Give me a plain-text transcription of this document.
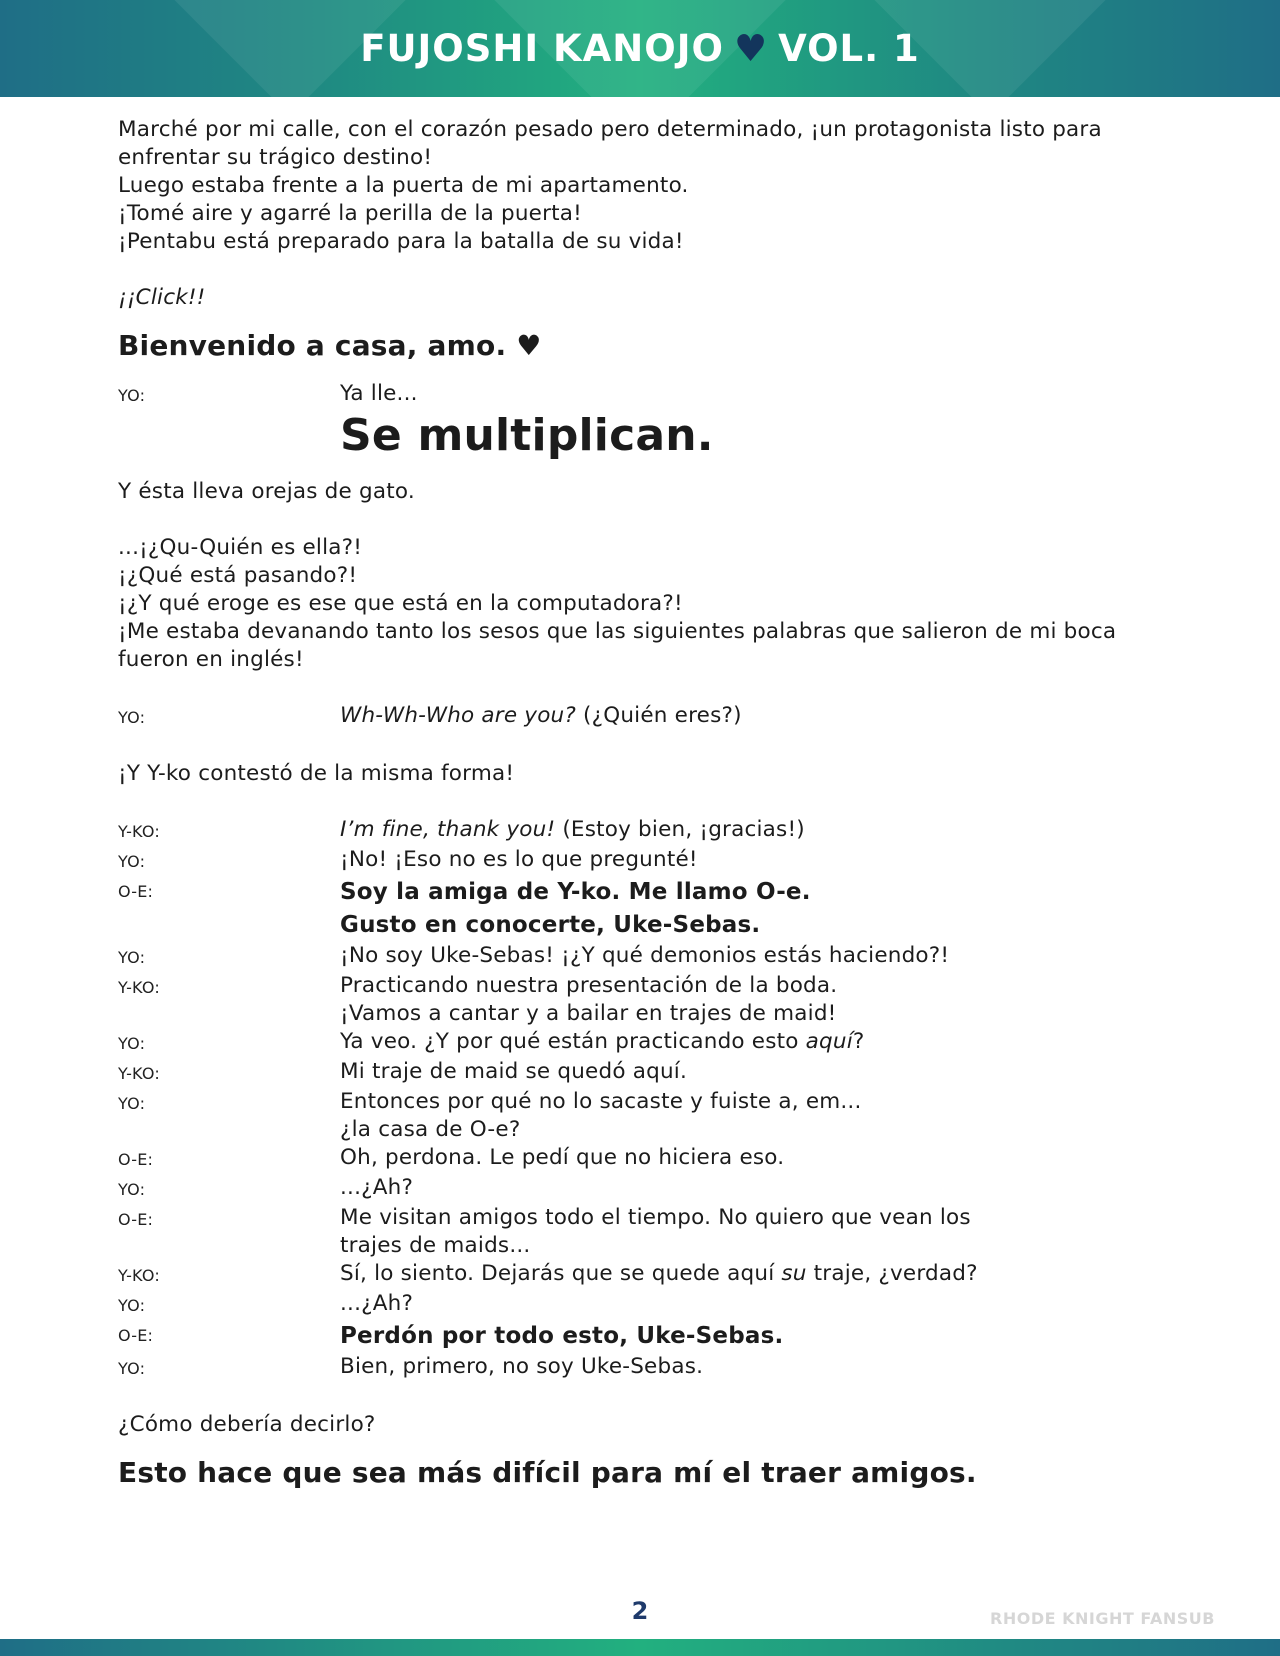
FUJOSHI KANOJO ♥ VOL. 1

Marché por mi calle, con el corazón pesado pero determinado, ¡un protagonista listo para enfrentar su trágico destino!

Luego estaba frente a la puerta de mi apartamento.

¡Tomé aire y agarré la perilla de la puerta!

¡Pentabu está preparado para la batalla de su vida!

¡¡Click!!

Bienvenido a casa, amo. ♥
YO:	Ya lle...

Se multiplican.

Y ésta lleva orejas de gato.

...¡¿Qu-Quién es ella?!

¡¿Qué está pasando?!

¡¿Y qué eroge es ese que está en la computadora?!

¡Me estaba devanando tanto los sesos que las siguientes palabras que salieron de mi boca fueron en inglés!

YO:	Wh-Wh-Who are you? (¿Quién eres?)

¡Y Y-ko contestó de la misma forma!

Y-KO:	I’m fine, thank you! (Estoy bien, ¡gracias!)

YO:	¡No! ¡Eso no es lo que pregunté!

O-E:	Soy la amiga de Y-ko. Me llamo O-e.

Gusto en conocerte, Uke-Sebas.

YO:	¡No soy Uke-Sebas! ¡¿Y qué demonios estás haciendo?!

Y-KO:	Practicando nuestra presentación de la boda.

¡Vamos a cantar y a bailar en trajes de maid!

YO:	Ya veo. ¿Y por qué están practicando esto aquí?

Y-KO:	Mi traje de maid se quedó aquí.

YO:	Entonces por qué no lo sacaste y fuiste a, em...

¿la casa de O-e?

O-E:	Oh, perdona. Le pedí que no hiciera eso.

YO:	...¿Ah?

O-E:	Me visitan amigos todo el tiempo. No quiero que vean los

trajes de maids...

Y-KO:	Sí, lo siento. Dejarás que se quede aquí su traje, ¿verdad?

YO:	...¿Ah?

O-E:	Perdón por todo esto, Uke-Sebas.

YO:	Bien, primero, no soy Uke-Sebas.

¿Cómo debería decirlo?

Esto hace que sea más difícil para mí el traer amigos.
2	RHODE KNIGHT FANSUB
